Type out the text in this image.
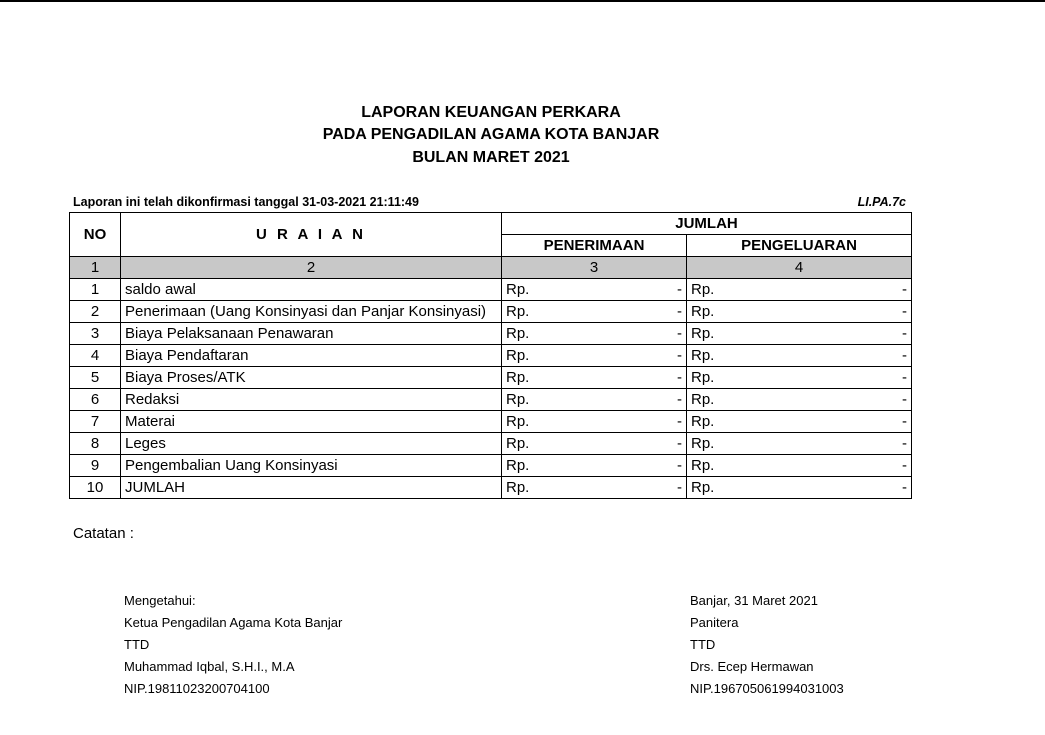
LAPORAN KEUANGAN PERKARA
PADA PENGADILAN AGAMA KOTA BANJAR
BULAN MARET 2021
Laporan ini telah dikonfirmasi tanggal 31-03-2021 21:11:49	LI.PA.7c
NO	U R A I A N	JUMLAH	
		PENERIMAAN	PENGELUARAN
1	2	3	4
1	saldo awal	Rp. -	Rp. -

2	Penerimaan (Uang Konsinyasi dan Panjar Konsinyasi)	Rp. -	Rp. -

3	Biaya Pelaksanaan Penawaran	Rp. -	Rp. -

4	Biaya Pendaftaran	Rp. -	Rp. -

5	Biaya Proses/ATK	Rp. -	Rp. -

6	Redaksi	Rp. -	Rp. -

7	Materai	Rp. -	Rp. -

8	Leges	Rp. -	Rp. -

9	Pengembalian Uang Konsinyasi	Rp. -	Rp. -

10	JUMLAH	Rp. -	Rp. -
Catatan :
Mengetahui:
Ketua Pengadilan Agama Kota Banjar
TTD
Muhammad Iqbal, S.H.I., M.A
NIP.19811023200704100
Banjar, 31 Maret 2021
Panitera
TTD
Drs. Ecep Hermawan
NIP.196705061994031003
